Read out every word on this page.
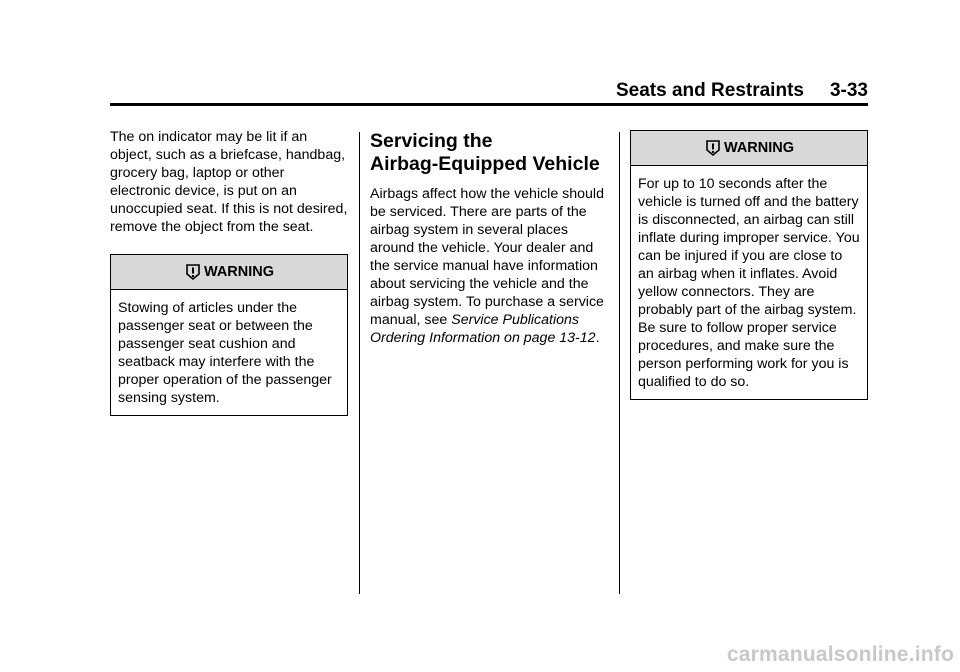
Seats and Restraints 3-33

The on indicator may be lit if an object, such as a briefcase, handbag, grocery bag, laptop or other electronic device, is put on an unoccupied seat. If this is not desired, remove the object from the seat.

WARNING
Stowing of articles under the passenger seat or between the passenger seat cushion and seatback may interfere with the proper operation of the passenger sensing system.
Servicing the
Airbag-Equipped Vehicle

Airbags affect how the vehicle should be serviced. There are parts of the airbag system in several places around the vehicle. Your dealer and the service manual have information about servicing the vehicle and the airbag system. To purchase a service manual, see Service Publications Ordering Information on page 13-12.

WARNING
For up to 10 seconds after the vehicle is turned off and the battery is disconnected, an airbag can still inflate during improper service. You can be injured if you are close to an airbag when it inflates. Avoid yellow connectors. They are probably part of the airbag system. Be sure to follow proper service procedures, and make sure the person performing work for you is qualified to do so.
carmanualsonline.info
